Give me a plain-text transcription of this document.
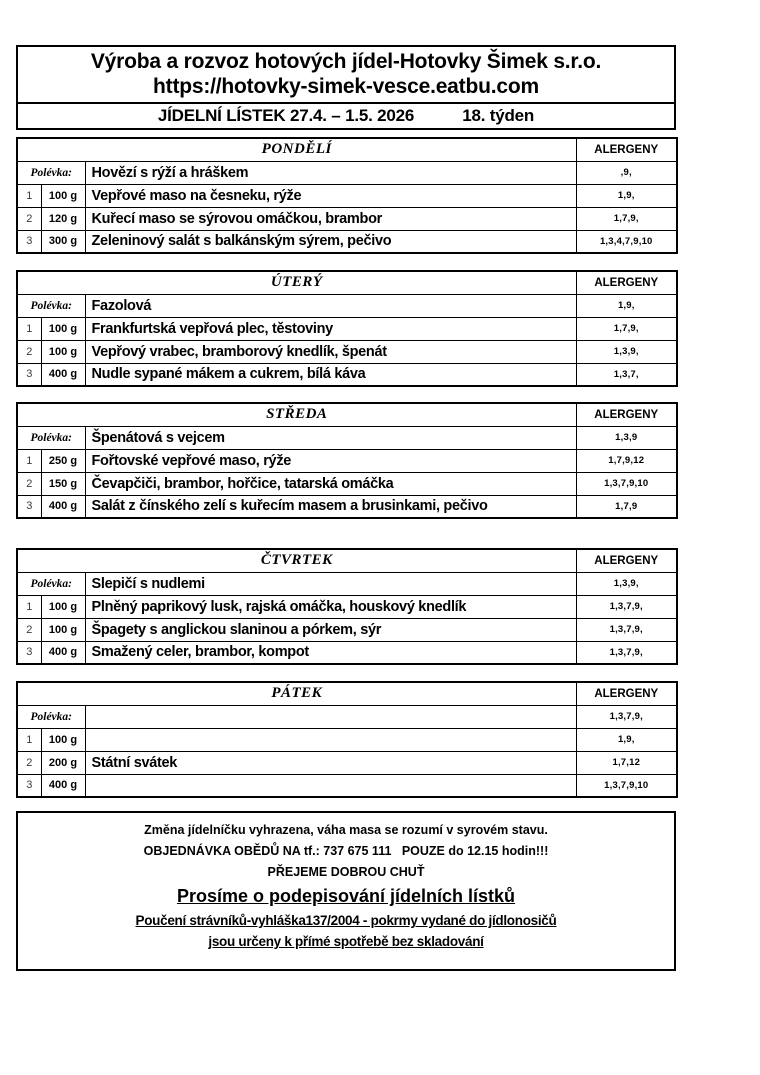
Výroba a rozvoz hotových jídel-Hotovky Šimek s.r.o.
https://hotovky-simek-vesce.eatbu.com
JÍDELNÍ LÍSTEK 27.4. – 1.5. 2026	18. týden
PONDĚLÍ			ALERGENY
Polévka:		Hovězí s rýží a hráškem	,9,
1	100 g	Vepřové maso na česneku, rýže	1,9,
2	120 g	Kuřecí maso se sýrovou omáčkou, brambor	1,7,9,
3	300 g	Zeleninový salát s balkánským sýrem, pečivo	1,3,4,7,9,10
ÚTERÝ			ALERGENY
Polévka:		Fazolová	1,9,
1	100 g	Frankfurtská vepřová plec, těstoviny	1,7,9,
2	100 g	Vepřový vrabec, bramborový knedlík, špenát	1,3,9,
3	400 g	Nudle sypané mákem a cukrem, bílá káva	1,3,7,
STŘEDA			ALERGENY
Polévka:		Špenátová s vejcem	1,3,9
1	250 g	Fořtovské vepřové maso, rýže	1,7,9,12
2	150 g	Čevapčiči, brambor, hořčice, tatarská omáčka	1,3,7,9,10
3	400 g	Salát z čínského zelí s kuřecím masem a brusinkami, pečivo	1,7,9
ČTVRTEK			ALERGENY
Polévka:		Slepičí s nudlemi	1,3,9,
1	100 g	Plněný paprikový lusk, rajská omáčka, houskový knedlík	1,3,7,9,
2	100 g	Špagety s anglickou slaninou a pórkem, sýr	1,3,7,9,
3	400 g	Smažený celer, brambor, kompot	1,3,7,9,
PÁTEK			ALERGENY
Polévka:			1,3,7,9,
1	100 g		1,9,
2	200 g	Státní svátek	1,7,12
3	400 g		1,3,7,9,10
Změna jídelníčku vyhrazena, váha masa se rozumí v syrovém stavu.
OBJEDNÁVKA OBĚDŮ NA tf.: 737 675 111   POUZE do 12.15 hodin!!!
PŘEJEME DOBROU CHUŤ
Prosíme o podepisování jídelních lístků
Poučení strávníků-vyhláška137/2004 - pokrmy vydané do jídlonosičů
jsou určeny k přímé spotřebě bez skladování
